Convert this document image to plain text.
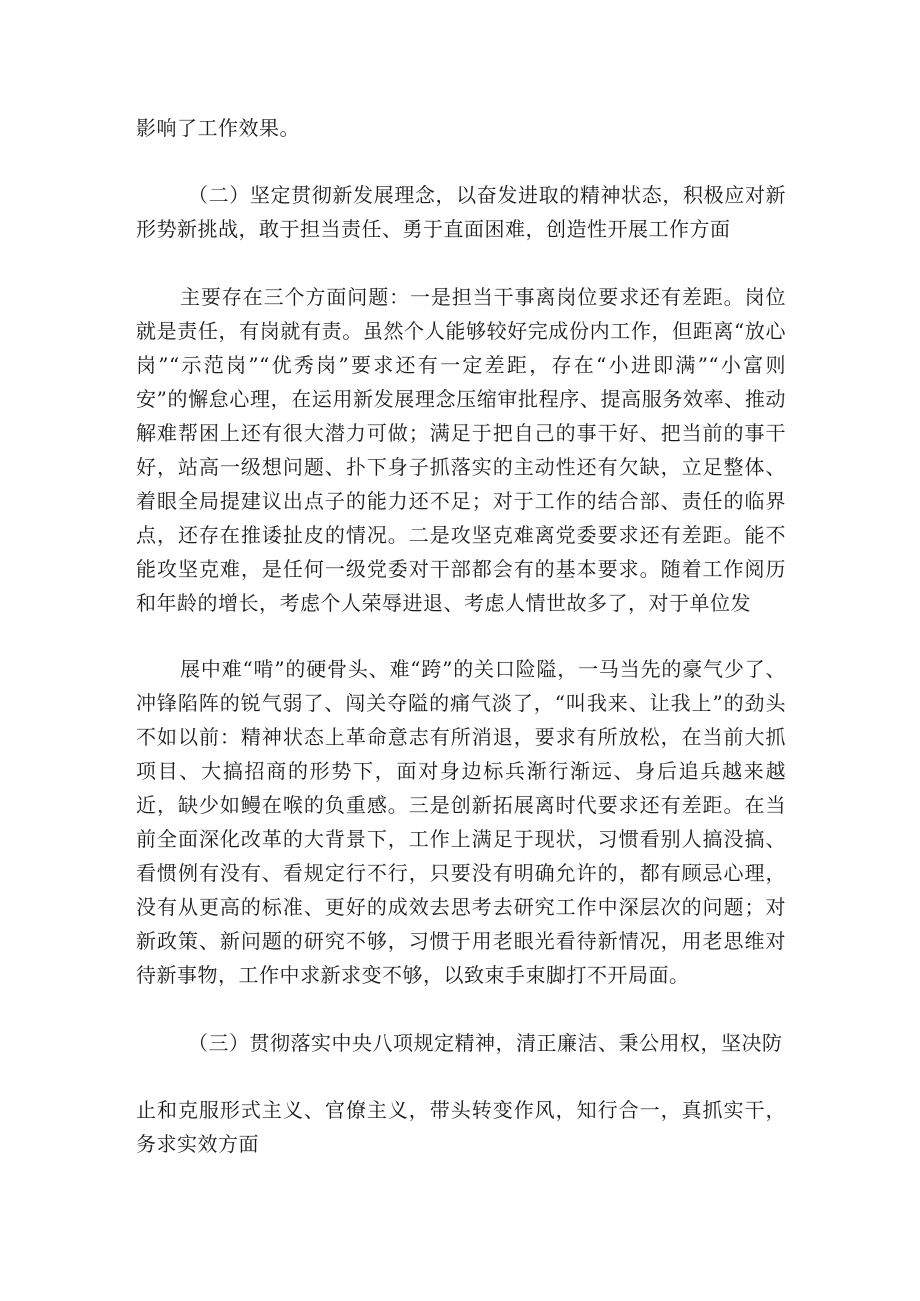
影响了工作效果。

（二）坚定贯彻新发展理念，以奋发进取的精神状态，积极应对新形势新挑战，敢于担当责任、勇于直面困难，创造性开展工作方面

主要存在三个方面问题：一是担当干事离岗位要求还有差距。岗位就是责任，有岗就有责。虽然个人能够较好完成份内工作，但距离“放心岗”“示范岗”“优秀岗”要求还有一定差距，存在“小进即满”“小富则安”的懈怠心理，在运用新发展理念压缩审批程序、提高服务效率、推动解难帮困上还有很大潜力可做；满足于把自己的事干好、把当前的事干好，站高一级想问题、扑下身子抓落实的主动性还有欠缺，立足整体、着眼全局提建议出点子的能力还不足；对于工作的结合部、责任的临界点，还存在推诿扯皮的情况。二是攻坚克难离党委要求还有差距。能不能攻坚克难，是任何一级党委对干部都会有的基本要求。随着工作阅历和年龄的增长，考虑个人荣辱进退、考虑人情世故多了，对于单位发

展中难“啃”的硬骨头、难“跨”的关口险隘，一马当先的豪气少了、冲锋陷阵的锐气弱了、闯关夺隘的痛气淡了，“叫我来、让我上”的劲头不如以前：精神状态上革命意志有所消退，要求有所放松，在当前大抓项目、大搞招商的形势下，面对身边标兵渐行渐远、身后追兵越来越近，缺少如鳗在喉的负重感。三是创新拓展离时代要求还有差距。在当前全面深化改革的大背景下，工作上满足于现状，习惯看别人搞没搞、看惯例有没有、看规定行不行，只要没有明确允许的，都有顾忌心理，没有从更高的标准、更好的成效去思考去研究工作中深层次的问题；对新政策、新问题的研究不够，习惯于用老眼光看待新情况，用老思维对待新事物，工作中求新求变不够，以致束手束脚打不开局面。

（三）贯彻落实中央八项规定精神，清正廉洁、秉公用权，坚决防

止和克服形式主义、官僚主义，带头转变作风，知行合一，真抓实干，务求实效方面
